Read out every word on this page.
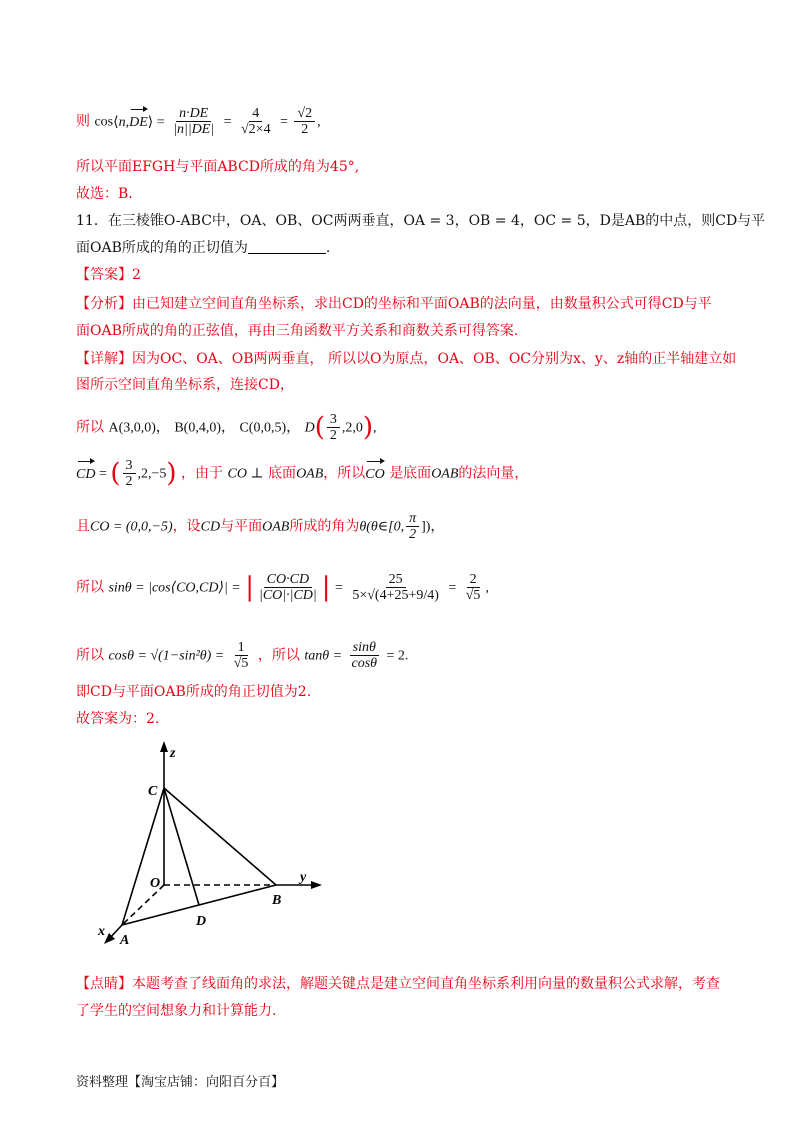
则 cos⟨n,DE⟩ = $\frac{n\cdot DE}{|n||DE|} = \frac{4}{√2\times 4} = \frac{√2}{2}$ ,
所以平面EFGH与平面ABCD所成的角为45°,
故选：B.
11．在三棱锥O-ABC中，OA、OB、OC两两垂直，OA = 3，OB = 4，OC = 5，D是AB的中点，则CD与平
面OAB所成的角的正切值为	.
【答案】2
【分析】由已知建立空间直角坐标系，求出CD的坐标和平面OAB的法向量，由数量积公式可得CD与平
面OAB所成的角的正弦值，再由三角函数平方关系和商数关系可得答案.
【详解】因为OC、OA、OB两两垂直， 所以以O为原点，OA、OB、OC分别为x、y、z轴的正半轴建立如
图所示空间直角坐标系，连接CD，
所以 A(3,0,0)， B(0,4,0)， C(0,0,5)， $D( \frac{3}{2} ,2,0)$,
CD = ( $\frac{3}{2} ,2,-5$) ，由于 CO ⊥ 底面OAB，所以CO 是底面OAB的法向量，
且CO = (0,0,−5)，设CD与平面OAB所成的角为θ(θ∈[0, $\frac{\pi}{2}$ ])，
所以 sinθ = |cos⟨CO,CD⟩| = | $\frac{CO\cdot CD}{|CO|\cdot|CD|}$ | = $\frac{25}{5\times√(4+25+9/4)} = \frac{2}{√5}$ ,
所以 $\cos\theta = √(1-\sin^2\theta) = \frac{1}{√5}$ ，所以 $\tan\theta = \frac{\sin\theta}{\cos\theta} = 2$.
即CD与平面OAB所成的角正切值为2.
故答案为：2.
z
y
x
C
O
B
A
D
【点睛】本题考查了线面角的求法，解题关键点是建立空间直角坐标系利用向量的数量积公式求解，考查
了学生的空间想象力和计算能力.
资料整理【淘宝店铺：向阳百分百】
